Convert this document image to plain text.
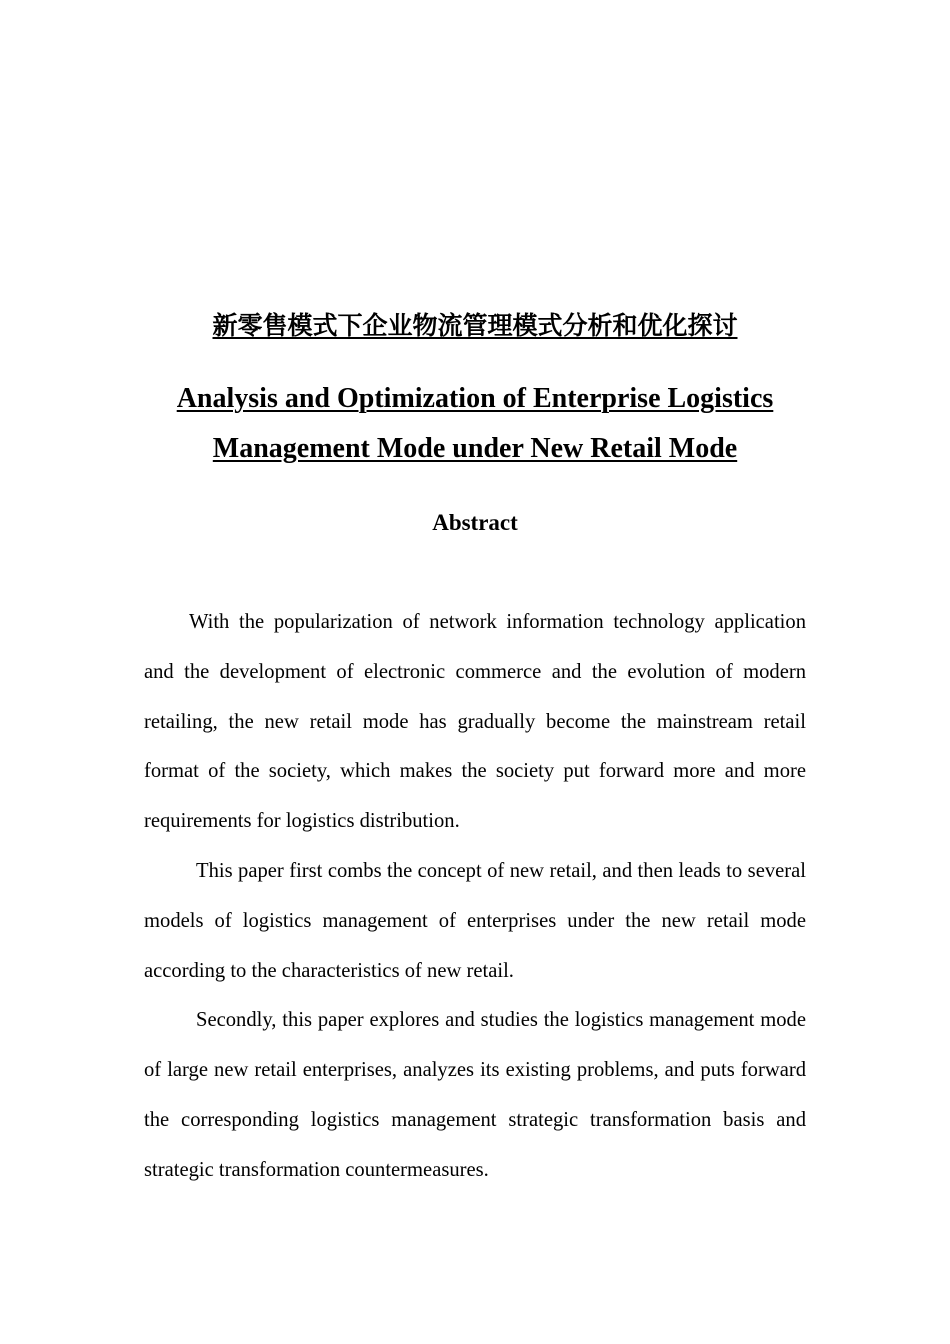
新零售模式下企业物流管理模式分析和优化探讨
Analysis and Optimization of Enterprise Logistics
Management Mode under New Retail Mode
Abstract

With the popularization of network information technology application and the development of electronic commerce and the evolution of modern retailing, the new retail mode has gradually become the mainstream retail format of the society, which makes the society put forward more and more requirements for logistics distribution.

This paper first combs the concept of new retail, and then leads to several models of logistics management of enterprises under the new retail mode according to the characteristics of new retail.

Secondly, this paper explores and studies the logistics management mode of large new retail enterprises, analyzes its existing problems, and puts forward the corresponding logistics management strategic transformation basis and strategic transformation countermeasures.
